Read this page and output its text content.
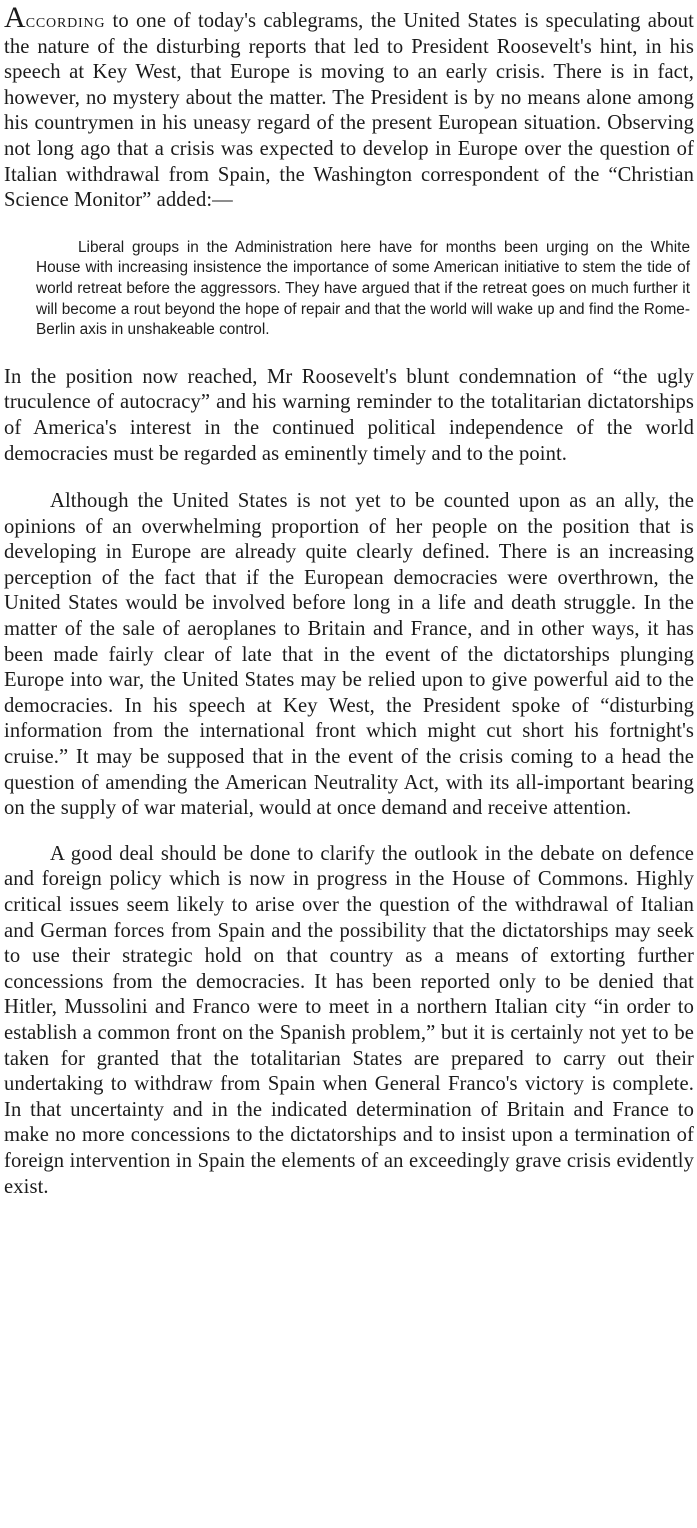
According to one of today's cablegrams, the United States is speculating about the nature of the disturbing reports that led to President Roosevelt's hint, in his speech at Key West, that Europe is moving to an early crisis. There is in fact, however, no mystery about the matter. The President is by no means alone among his countrymen in his uneasy regard of the present European situation. Observing not long ago that a crisis was expected to develop in Europe over the question of Italian withdrawal from Spain, the Washington correspondent of the “Christian Science Monitor” added:—

Liberal groups in the Administration here have for months been urging on the White House with increasing insistence the importance of some American initiative to stem the tide of world retreat before the aggressors. They have argued that if the retreat goes on much further it will become a rout beyond the hope of repair and that the world will wake up and find the Rome-Berlin axis in unshakeable control.

In the position now reached, Mr Roosevelt's blunt condemnation of “the ugly truculence of autocracy” and his warning reminder to the totalitarian dictatorships of America's interest in the continued political independence of the world democracies must be regarded as eminently timely and to the point.

Although the United States is not yet to be counted upon as an ally, the opinions of an overwhelming proportion of her people on the position that is developing in Europe are already quite clearly defined. There is an increasing perception of the fact that if the European democracies were overthrown, the United States would be involved before long in a life and death struggle. In the matter of the sale of aeroplanes to Britain and France, and in other ways, it has been made fairly clear of late that in the event of the dictatorships plunging Europe into war, the United States may be relied upon to give powerful aid to the democracies. In his speech at Key West, the President spoke of “disturbing information from the international front which might cut short his fortnight's cruise.” It may be supposed that in the event of the crisis coming to a head the question of amending the American Neutrality Act, with its all-important bearing on the supply of war material, would at once demand and receive attention.

A good deal should be done to clarify the outlook in the debate on defence and foreign policy which is now in progress in the House of Commons. Highly critical issues seem likely to arise over the question of the withdrawal of Italian and German forces from Spain and the possibility that the dictatorships may seek to use their strategic hold on that country as a means of extorting further concessions from the democracies. It has been reported only to be denied that Hitler, Mussolini and Franco were to meet in a northern Italian city “in order to establish a common front on the Spanish problem,” but it is certainly not yet to be taken for granted that the totalitarian States are prepared to carry out their undertaking to withdraw from Spain when General Franco's victory is complete. In that uncertainty and in the indicated determination of Britain and France to make no more concessions to the dictatorships and to insist upon a termination of foreign intervention in Spain the elements of an exceedingly grave crisis evidently exist.
